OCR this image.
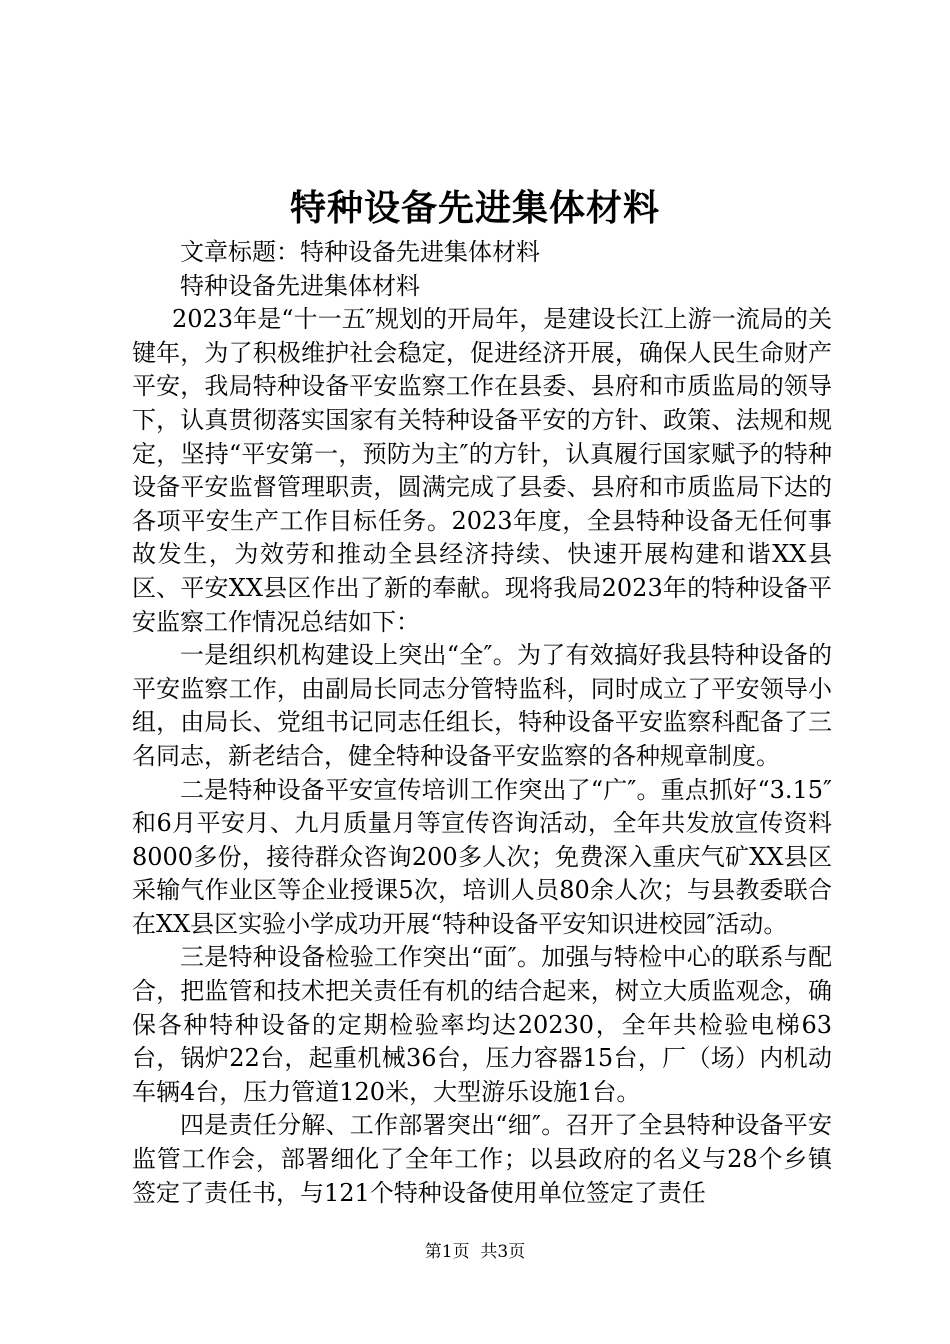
特种设备先进集体材料

文章标题：特种设备先进集体材料

特种设备先进集体材料

2023年是“十一五″规划的开局年，是建设长江上游一流局的关键年，为了积极维护社会稳定，促进经济开展，确保人民生命财产平安，我局特种设备平安监察工作在县委、县府和市质监局的领导下，认真贯彻落实国家有关特种设备平安的方针、政策、法规和规定，坚持“平安第一，预防为主″的方针，认真履行国家赋予的特种设备平安监督管理职责，圆满完成了县委、县府和市质监局下达的各项平安生产工作目标任务。2023年度，全县特种设备无任何事故发生，为效劳和推动全县经济持续、快速开展构建和谐XX县区、平安XX县区作出了新的奉献。现将我局2023年的特种设备平安监察工作情况总结如下：

一是组织机构建设上突出“全″。为了有效搞好我县特种设备的平安监察工作，由副局长同志分管特监科，同时成立了平安领导小组，由局长、党组书记同志任组长，特种设备平安监察科配备了三名同志，新老结合，健全特种设备平安监察的各种规章制度。

二是特种设备平安宣传培训工作突出了“广″。重点抓好“3.15″和6月平安月、九月质量月等宣传咨询活动，全年共发放宣传资料8000多份，接待群众咨询200多人次；免费深入重庆气矿XX县区采输气作业区等企业授课5次，培训人员80余人次；与县教委联合在XX县区实验小学成功开展“特种设备平安知识进校园″活动。

三是特种设备检验工作突出“面″。加强与特检中心的联系与配合，把监管和技术把关责任有机的结合起来，树立大质监观念，确保各种特种设备的定期检验率均达20230，全年共检验电梯63台，锅炉22台，起重机械36台，压力容器15台，厂（场）内机动车辆4台，压力管道120米，大型游乐设施1台。

四是责任分解、工作部署突出“细″。召开了全县特种设备平安监管工作会，部署细化了全年工作；以县政府的名义与28个乡镇签定了责任书，与121个特种设备使用单位签定了责任

第1页 共3页
